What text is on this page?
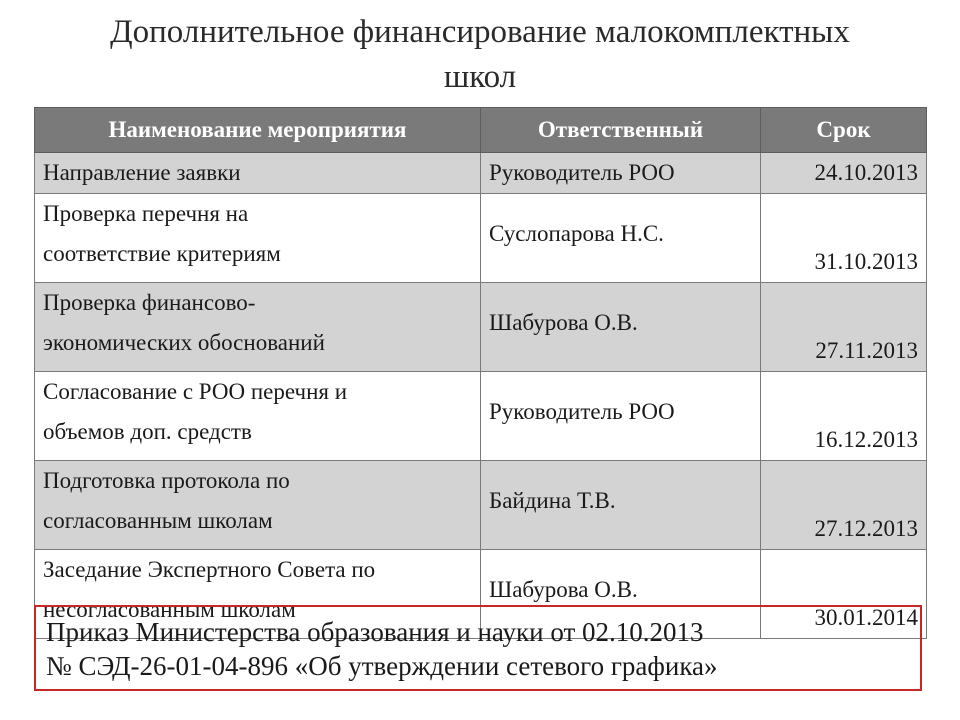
Дополнительное финансирование малокомплектных
школ
Наименование мероприятия	Ответственный	Срок
Направление заявки	Руководитель РОО	24.10.2013
Проверка перечня на
соответствие критериям	Суслопарова Н.С.	31.10.2013
Проверка финансово-
экономических обоснований	Шабурова О.В.	27.11.2013
Согласование с РОО перечня и
объемов доп. средств	Руководитель РОО	16.12.2013
Подготовка протокола по
согласованным школам	Байдина Т.В.	27.12.2013
Заседание Экспертного Совета по
несогласованным школам	Шабурова О.В.	30.01.2014
Приказ Министерства образования и науки от 02.10.2013
№ СЭД-26-01-04-896 «Об утверждении сетевого графика»
